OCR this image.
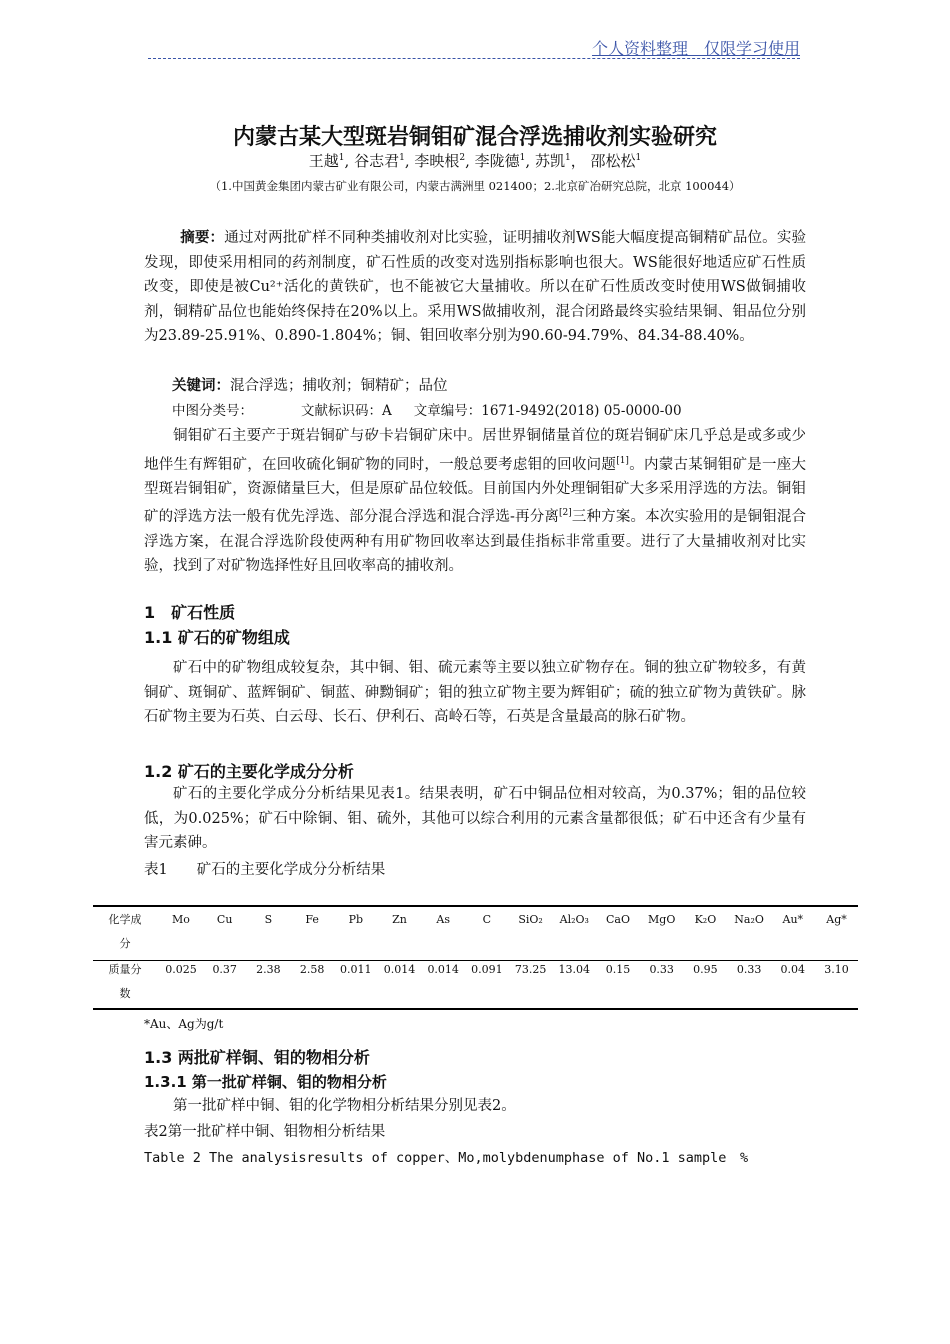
个人资料整理　仅限学习使用
内蒙古某大型斑岩铜钼矿混合浮选捕收剂实验研究
王越$^1$, 谷志君$^1$, 李映根$^2$, 李陇德$^1$, 苏凯$^1$， 邵松松$^1$
（1.中国黄金集团内蒙古矿业有限公司，内蒙古满洲里 021400；2.北京矿冶研究总院，北京 100044）
摘要：通过对两批矿样不同种类捕收剂对比实验，证明捕收剂WS能大幅度提高铜精矿品位。实验发现，即使采用相同的药剂制度，矿石性质的改变对选别指标影响也很大。WS能很好地适应矿石性质改变，即使是被Cu²⁺活化的黄铁矿，也不能被它大量捕收。所以在矿石性质改变时使用WS做铜捕收剂，铜精矿品位也能始终保持在20%以上。采用WS做捕收剂，混合闭路最终实验结果铜、钼品位分别为23.89-25.91%、0.890-1.804%；铜、钼回收率分别为90.60-94.79%、84.34-88.40%。
关键词：混合浮选；捕收剂；铜精矿；品位
中图分类号：	文献标识码：A 文章编号：1671-9492(2018) 05-0000-00
铜钼矿石主要产于斑岩铜矿与矽卡岩铜矿床中。居世界铜储量首位的斑岩铜矿床几乎总是或多或少地伴生有辉钼矿，在回收硫化铜矿物的同时，一般总要考虑钼的回收问题[1]。内蒙古某铜钼矿是一座大型斑岩铜钼矿，资源储量巨大，但是原矿品位较低。目前国内外处理铜钼矿大多采用浮选的方法。铜钼矿的浮选方法一般有优先浮选、部分混合浮选和混合浮选-再分离[2]三种方案。本次实验用的是铜钼混合浮选方案，在混合浮选阶段使两种有用矿物回收率达到最佳指标非常重要。进行了大量捕收剂对比实验，找到了对矿物选择性好且回收率高的捕收剂。
1　矿石性质
1.1 矿石的矿物组成
矿石中的矿物组成较复杂，其中铜、钼、硫元素等主要以独立矿物存在。铜的独立矿物较多，有黄铜矿、斑铜矿、蓝辉铜矿、铜蓝、砷黝铜矿；钼的独立矿物主要为辉钼矿；硫的独立矿物为黄铁矿。脉石矿物主要为石英、白云母、长石、伊利石、高岭石等，石英是含量最高的脉石矿物。
1.2 矿石的主要化学成分分析
矿石的主要化学成分分析结果见表1。结果表明，矿石中铜品位相对较高，为0.37%；钼的品位较低，为0.025%；矿石中除铜、钼、硫外，其他可以综合利用的元素含量都很低；矿石中还含有少量有害元素砷。
表1　　矿石的主要化学成分分析结果
化学成
分
质量分
数
Mo
0.025
Cu
0.37
S
2.38
Fe
2.58
Pb
0.011
Zn
0.014
As
0.014
C
0.091
SiO₂
73.25
Al₂O₃
13.04
CaO
0.15
MgO
0.33
K₂O
0.95
Na₂O
0.33
Au*
0.04
Ag*
3.10
*Au、Ag为g/t
1.3 两批矿样铜、钼的物相分析
1.3.1 第一批矿样铜、钼的物相分析
第一批矿样中铜、钼的化学物相分析结果分别见表2。
表2第一批矿样中铜、钼物相分析结果
Table 2 The analysisresults of copper、Mo,molybdenumphase of No.1 sample　%
